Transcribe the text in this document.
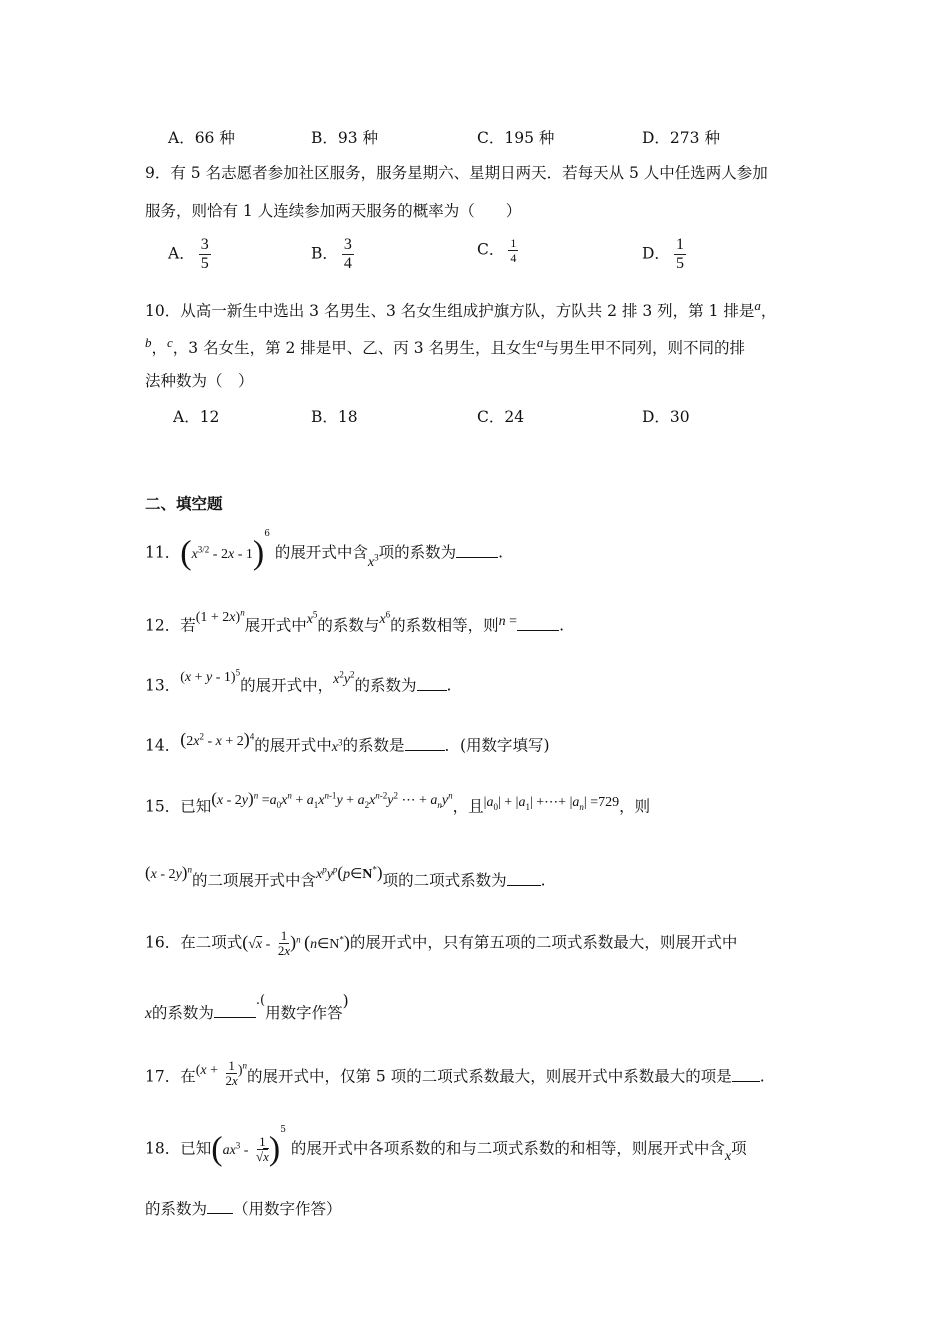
A．66 种	B．93 种	C．195 种	D．273 种
9．有 5 名志愿者参加社区服务，服务星期六、星期日两天．若每天从 5 人中任选两人参加
服务，则恰有 1 人连续参加两天服务的概率为（　　）
A． $\frac{3}{5}$	B． $\frac{3}{4}$	C． $\frac{1}{4}$	D． $\frac{1}{5}$
10．从高一新生中选出 3 名男生、3 名女生组成护旗方队，方队共 2 排 3 列，第 1 排是$^a$，
$^b$，$^c$，3 名女生，第 2 排是甲、乙、丙 3 名男生，且女生$^a$与男生甲不同列，则不同的排
法种数为（　）
A．12	B．18	C．24	D．30
二、填空题
11．$(x^{3/2} - 2x - 1)^6$ 的展开式中含$x^3$项的系数为	.
12．若$(1 + 2x)^n$展开式中$x^5$的系数与$x^6$的系数相等，则n =	.
13．$(x + y - 1)^5$的展开式中，$x^2y^2$的系数为 .
14．$(2x^2 - x + 2)^4$的展开式中$x^3$的系数是	．(用数字填写)
15．已知$(x - 2y)^n =a_0x^n + a_1x^{n-1}y + a_2x^{n-2}y^2$ ⋯ + $a_ny^n$，且$|a_0| + |a_1|$ +⋯+ $|a_n| =729$，则
(x - 2y)$^n$的二项展开式中含$x^py^p(p\in N^*)$项的二项式系数为 .
16．在二项式$(√x - \frac{1}{2x} )^n$ (n∈N*)的展开式中，只有第五项的二项式系数最大，则展开式中
x的系数为.(用数字作答)
17．在$(x + \frac{1}{2x} )^n$的展开式中，仅第 5 项的二项式系数最大，则展开式中系数最大的项是 .
18．已知$(ax^3 - \frac{1}{√x} )^5$ 的展开式中各项系数的和与二项式系数的和相等，则展开式中含x项
的系数为 （用数字作答）
